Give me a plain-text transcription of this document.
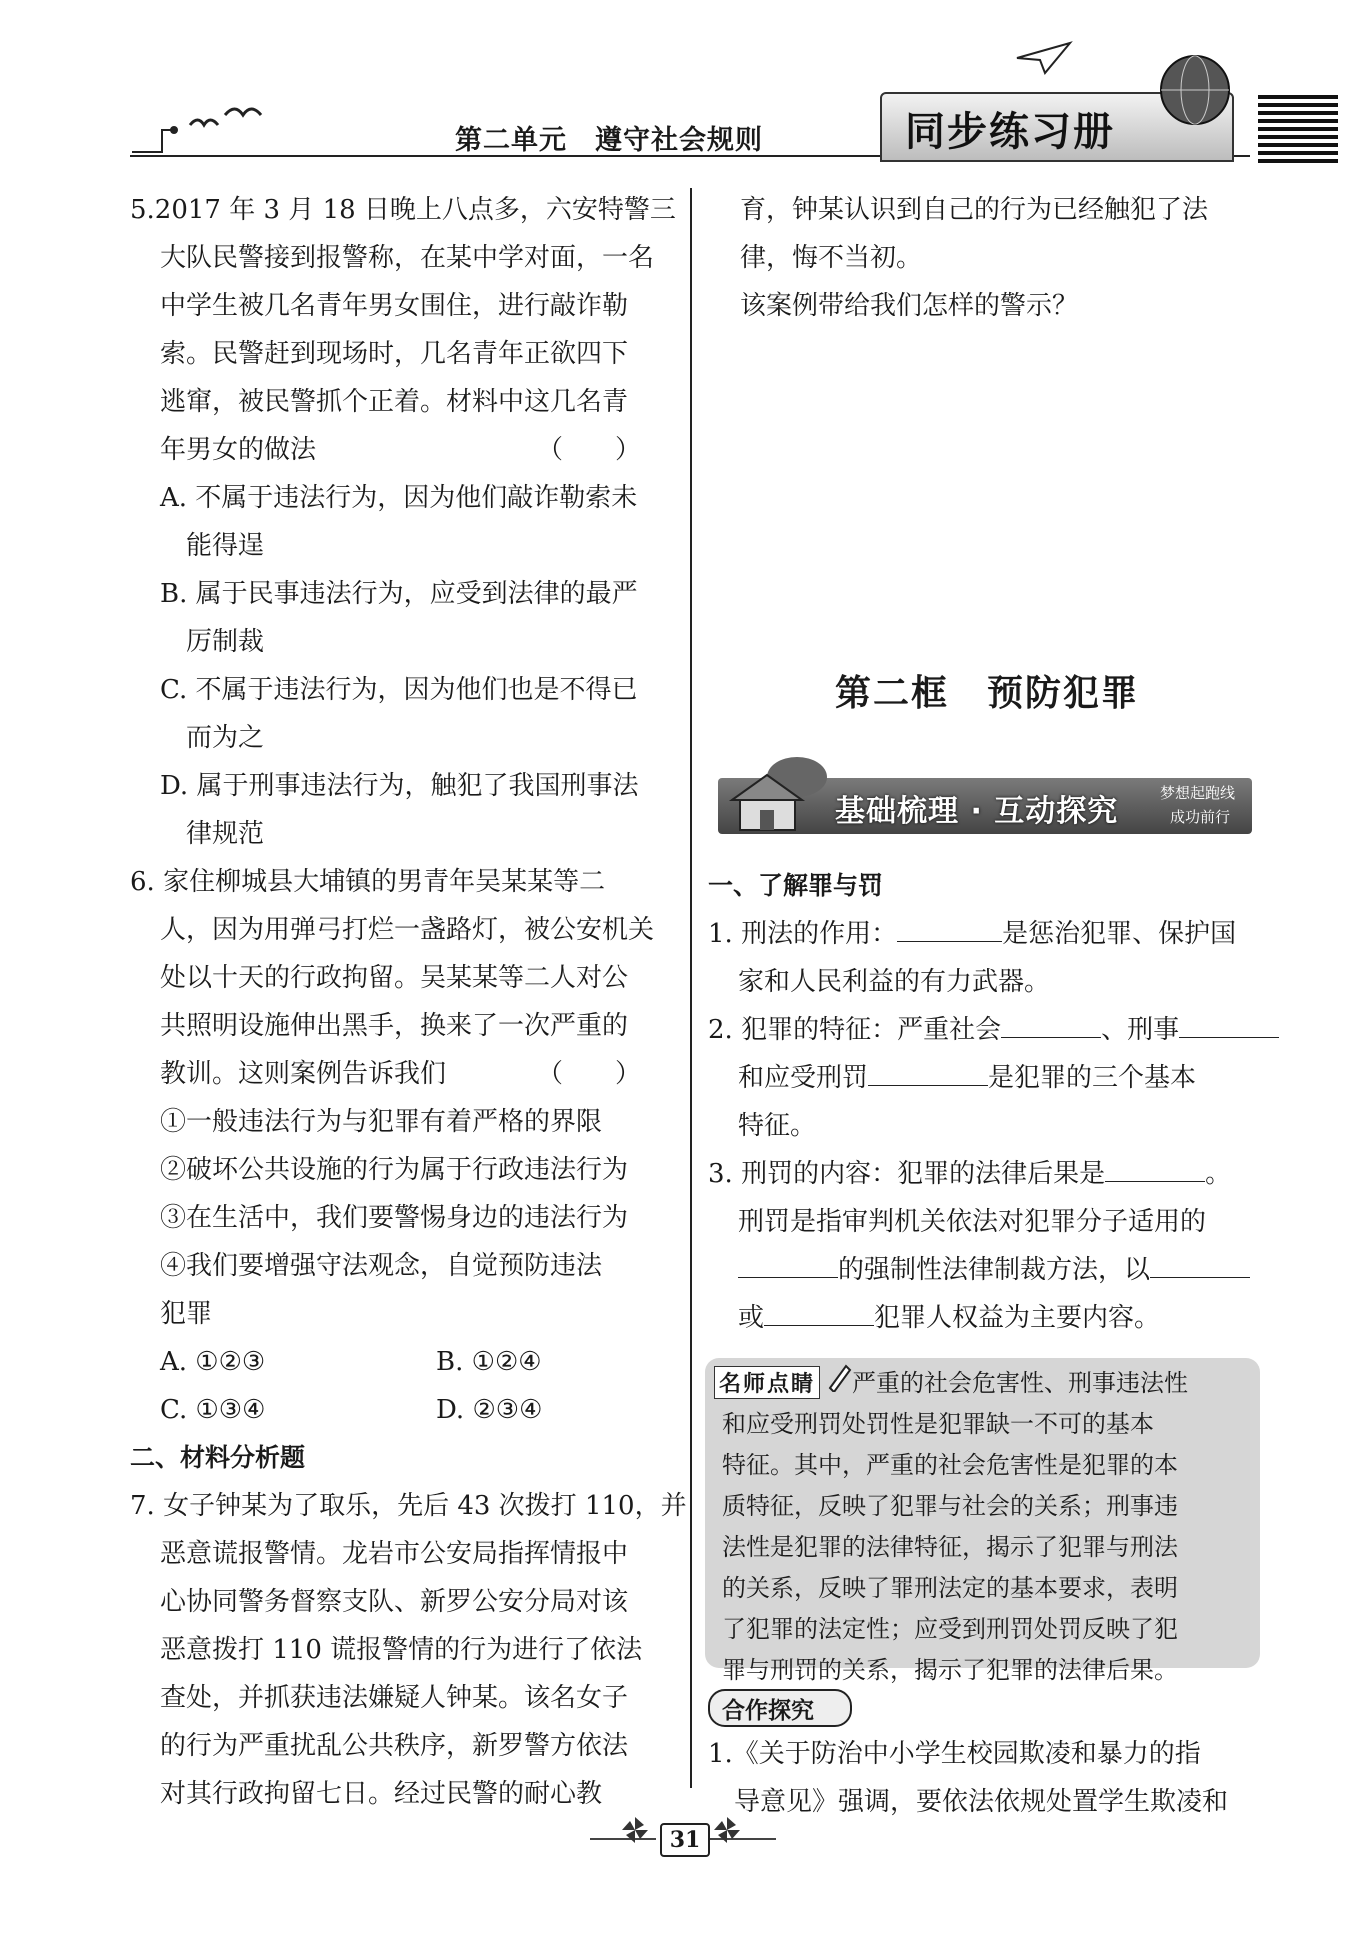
第二单元　遵守社会规则	同步练习册
5.2017 年 3 月 18 日晚上八点多，六安特警三
大队民警接到报警称，在某中学对面，一名
中学生被几名青年男女围住，进行敲诈勒
索。民警赶到现场时，几名青年正欲四下
逃窜，被民警抓个正着。材料中这几名青
年男女的做法　　　　　　　　　（　　）
A. 不属于违法行为，因为他们敲诈勒索未
　能得逞
B. 属于民事违法行为，应受到法律的最严
　厉制裁
C. 不属于违法行为，因为他们也是不得已
　而为之
D. 属于刑事违法行为，触犯了我国刑事法
　律规范
6. 家住柳城县大埔镇的男青年吴某某等二
人，因为用弹弓打烂一盏路灯，被公安机关
处以十天的行政拘留。吴某某等二人对公
共照明设施伸出黑手，换来了一次严重的
教训。这则案例告诉我们　　　　（　　）
①一般违法行为与犯罪有着严格的界限
②破坏公共设施的行为属于行政违法行为
③在生活中，我们要警惕身边的违法行为
④我们要增强守法观念，自觉预防违法
犯罪
A. ①②③	B. ①②④
C. ①③④	D. ②③④
二、材料分析题
7. 女子钟某为了取乐，先后 43 次拨打 110，并
恶意谎报警情。龙岩市公安局指挥情报中
心协同警务督察支队、新罗公安分局对该
恶意拨打 110 谎报警情的行为进行了依法
查处，并抓获违法嫌疑人钟某。该名女子
的行为严重扰乱公共秩序，新罗警方依法
对其行政拘留七日。经过民警的耐心教
育，钟某认识到自己的行为已经触犯了法
律，悔不当初。
该案例带给我们怎样的警示？
第二框　预防犯罪
基础梳理 · 互动探究
梦想起跑线
成功前行
一、了解罪与罚
1. 刑法的作用：	是惩治犯罪、保护国
家和人民利益的有力武器。
2. 犯罪的特征：严重社会	、刑事
和应受刑罚	是犯罪的三个基本
特征。
3. 刑罚的内容：犯罪的法律后果是	。
刑罚是指审判机关依法对犯罪分子适用的
的强制性法律制裁方法，以
或	犯罪人权益为主要内容。
名师点睛 严重的社会危害性、刑事违法性
和应受刑罚处罚性是犯罪缺一不可的基本
特征。其中，严重的社会危害性是犯罪的本
质特征，反映了犯罪与社会的关系；刑事违
法性是犯罪的法律特征，揭示了犯罪与刑法
的关系，反映了罪刑法定的基本要求，表明
了犯罪的法定性；应受到刑罚处罚反映了犯
罪与刑罚的关系，揭示了犯罪的法律后果。
合作探究
1.《关于防治中小学生校园欺凌和暴力的指
　导意见》强调，要依法依规处置学生欺凌和
31
